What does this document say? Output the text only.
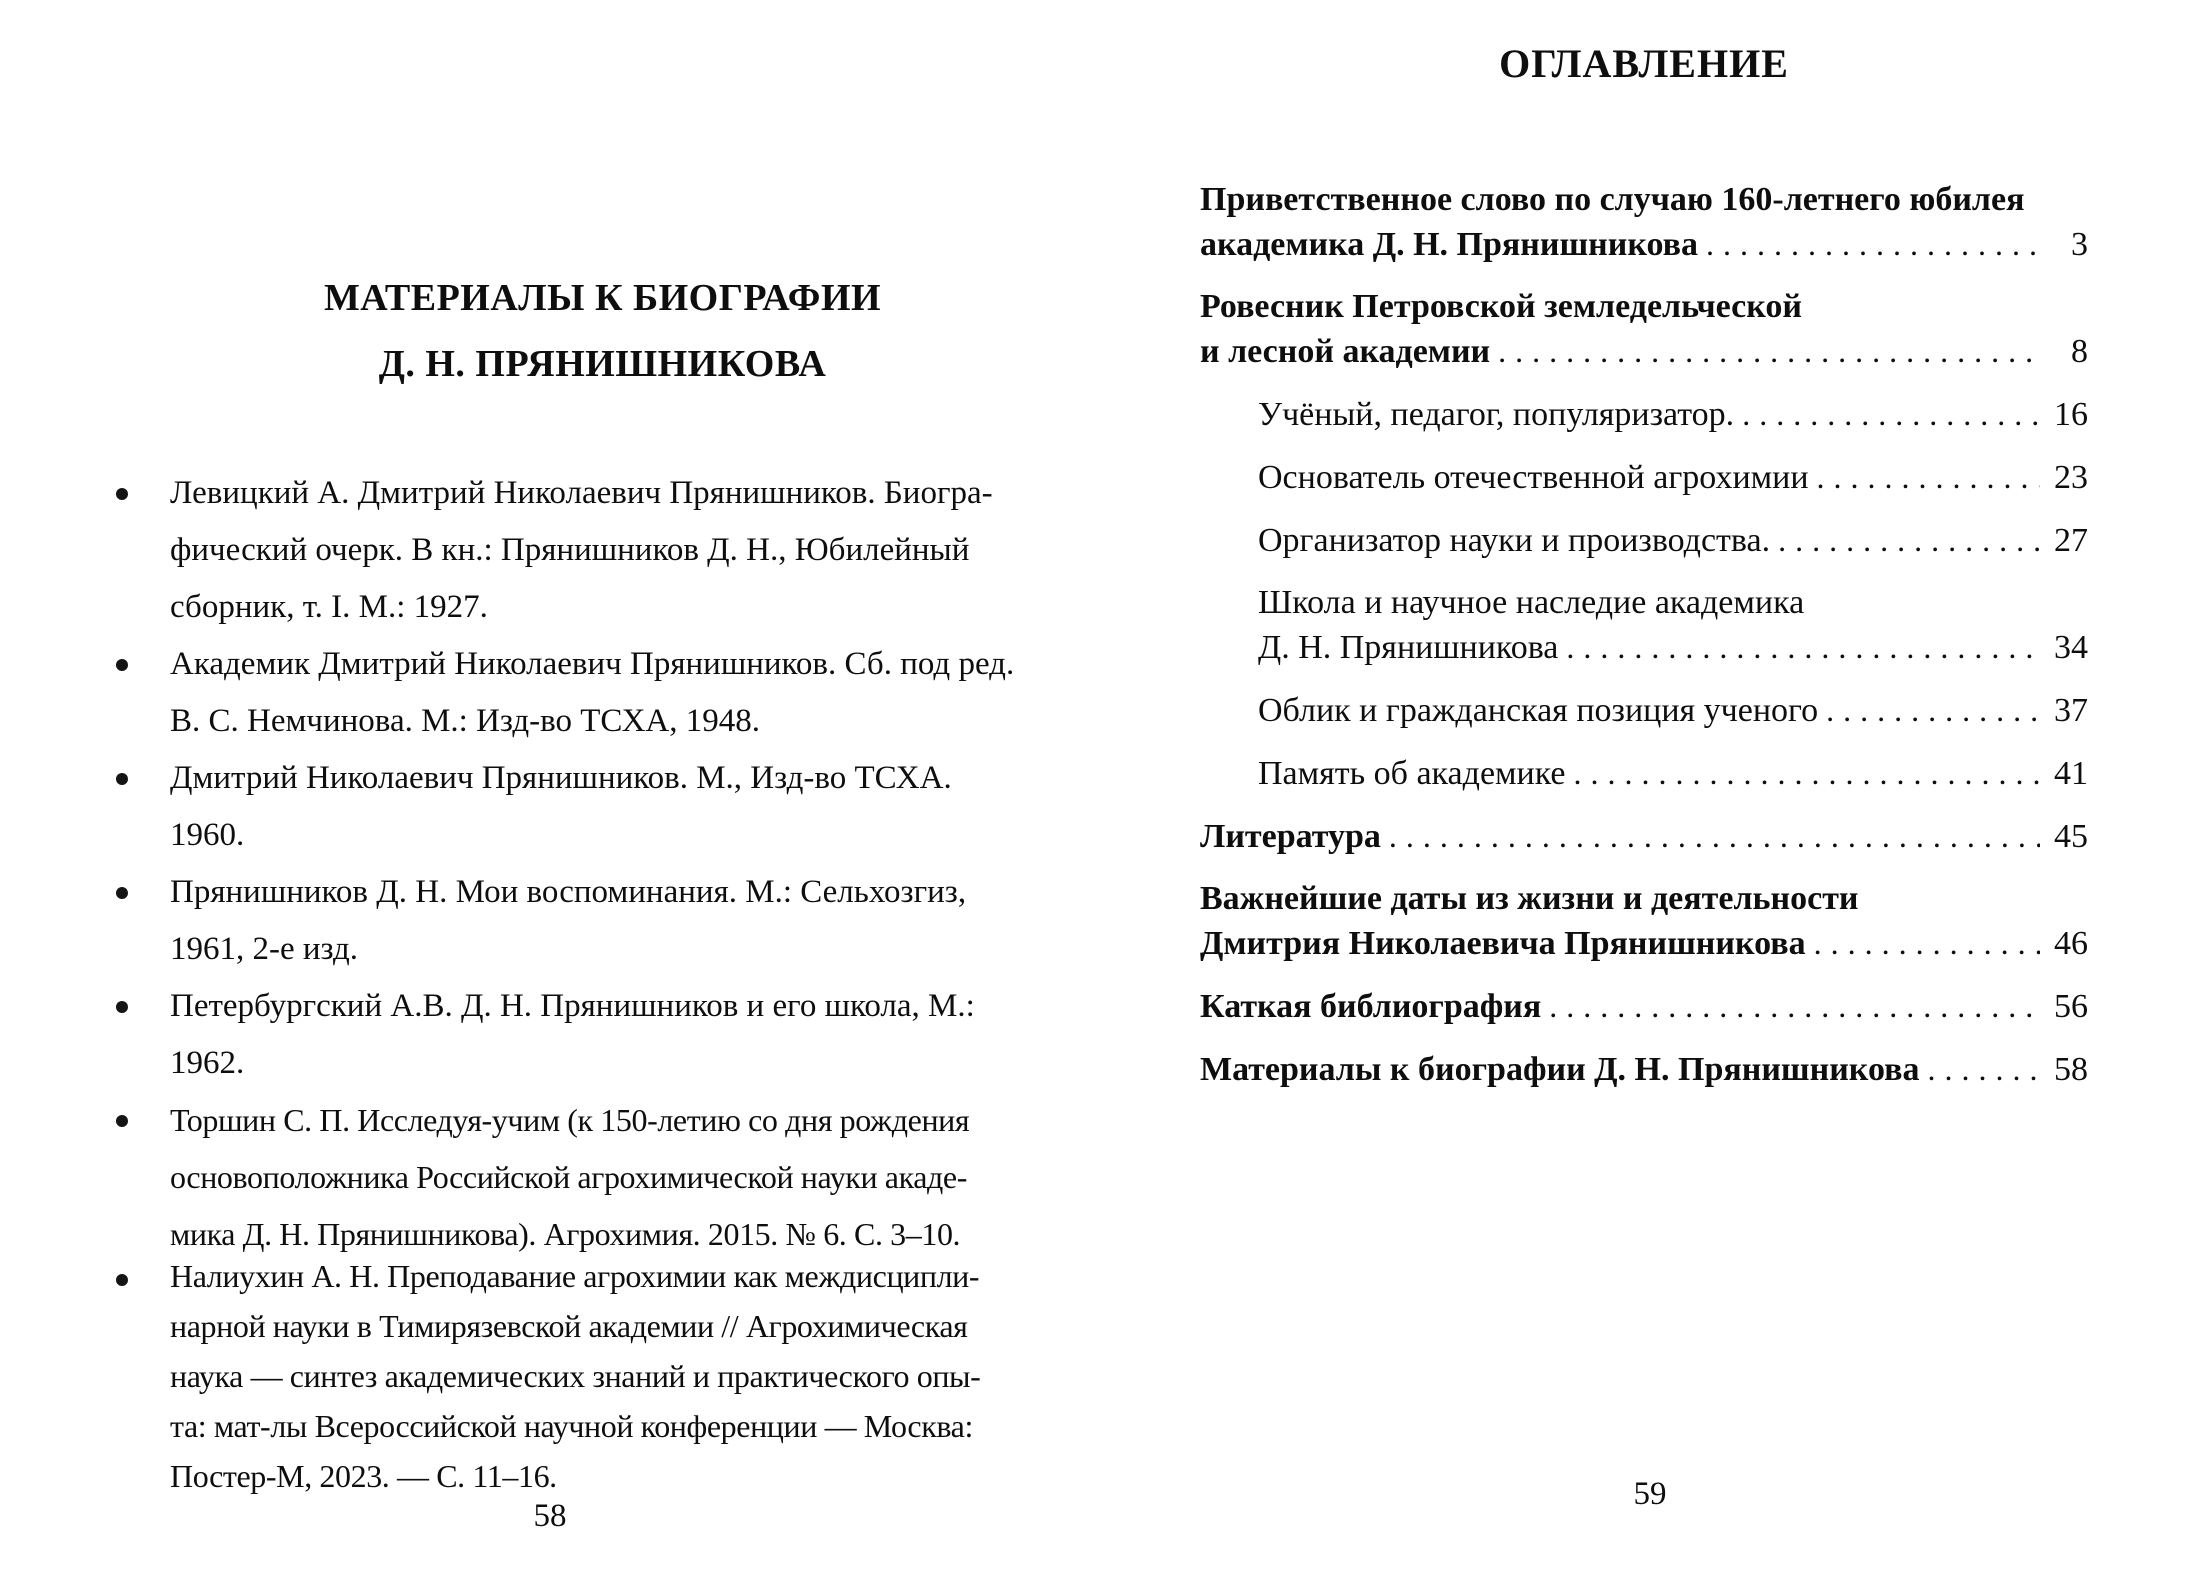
МАТЕРИАЛЫ К БИОГРАФИИ
Д. Н. ПРЯНИШНИКОВА
Левицкий А. Дмитрий Николаевич Прянишников. Биогра-
фический очерк. В кн.: Прянишников Д. Н., Юбилейный
сборник, т. I. М.: 1927.
Академик Дмитрий Николаевич Прянишников. Сб. под ред.
В. С. Немчинова. М.: Изд-во ТСХА, 1948.
Дмитрий Николаевич Прянишников. М., Изд-во ТСХА.
1960.
Прянишников Д. Н. Мои воспоминания. М.: Сельхозгиз,
1961, 2-е изд.
Петербургский А.В. Д. Н. Прянишников и его школа, М.:
1962.
Торшин С. П. Исследуя-учим (к 150-летию со дня рождения
основоположника Российской агрохимической науки акаде-
мика Д. Н. Прянишникова). Агрохимия. 2015. № 6. С. 3–10.
Налиухин А. Н. Преподавание агрохимии как междисципли-
нарной науки в Тимирязевской академии // Агрохимическая
наука — синтез академических знаний и практического опы-
та: мат-лы Всероссийской научной конференции — Москва:
Постер-М, 2023. — С. 11–16.
ОГЛАВЛЕНИЕ
Приветственное слово по случаю 160-летнего юбилея
академика Д. Н. Прянишникова .....	3
Ровесник Петровской земледельческой
и лесной академии .....	8
Учёный, педагог, популяризатор. .....	16
Основатель отечественной агрохимии .....	23
Организатор науки и производства. .....	27
Школа и научное наследие академика
Д. Н. Прянишникова .....	34
Облик и гражданская позиция ученого .....	37
Память об академике .....	41
Литература .....	45
Важнейшие даты из жизни и деятельности
Дмитрия Николаевича Прянишникова .....	46
Каткая библиография .....	56
Материалы к биографии Д. Н. Прянишникова .....	58
58
59
